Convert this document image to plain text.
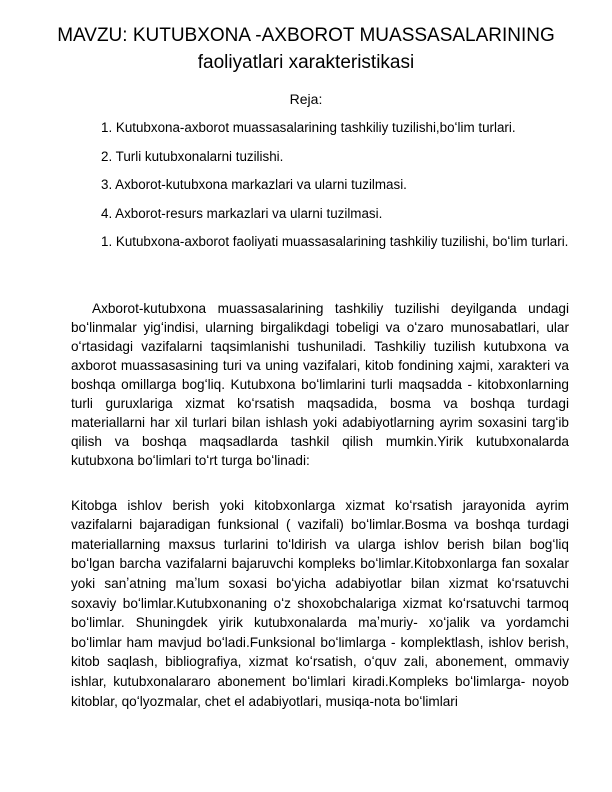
MAVZU: KUTUBXONA -AXBOROT MUASSASALARINING
faoliyatlari xarakteristikasi
Reja:
1. Kutubxona-axborot muassasalarining tashkiliy tuzilishi,boʻlim turlari.
2. Turli kutubxonalarni tuzilishi.
3. Axborot-kutubxona markazlari va ularni tuzilmasi.
4. Axborot-resurs markazlari va ularni tuzilmasi.
1. Kutubxona-axborot faoliyati muassasalarining tashkiliy tuzilishi, boʻlim turlari.

Axborot-kutubxona muassasalarining tashkiliy tuzilishi deyilganda undagi boʻlinmalar yigʻindisi, ularning birgalikdagi tobeligi va oʻzaro munosabatlari, ular oʻrtasidagi vazifalarni taqsimlanishi tushuniladi. Tashkiliy tuzilish kutubxona va axborot muassasasining turi va uning vazifalari, kitob fondining xajmi, xarakteri va boshqa omillarga bogʻliq. Kutubxona boʻlimlarini turli maqsadda - kitobxonlarning turli guruxlariga xizmat koʻrsatish maqsadida, bosma va boshqa turdagi materiallarni har xil turlari bilan ishlash yoki adabiyotlarning ayrim soxasini targʻib qilish va boshqa maqsadlarda tashkil qilish mumkin.Yirik kutubxonalarda kutubxona boʻlimlari toʻrt turga boʻlinadi:

Kitobga ishlov berish yoki kitobxonlarga xizmat koʻrsatish jarayonida ayrim vazifalarni bajaradigan funksional ( vazifali) boʻlimlar.Bosma va boshqa turdagi materiallarning maxsus turlarini toʻldirish va ularga ishlov berish bilan bogʻliq boʻlgan barcha vazifalarni bajaruvchi kompleks boʻlimlar.Kitobxonlarga fan soxalar yoki sanʼatning maʼlum soxasi boʻyicha adabiyotlar bilan xizmat koʻrsatuvchi soxaviy boʻlimlar.Kutubxonaning oʻz shoxobchalariga xizmat koʻrsatuvchi tarmoq boʻlimlar. Shuningdek yirik kutubxonalarda maʼmuriy- xoʻjalik va yordamchi boʻlimlar ham mavjud boʻladi.Funksional boʻlimlarga - komplektlash, ishlov berish, kitob saqlash, bibliografiya, xizmat koʻrsatish, oʻquv zali, abonement, ommaviy ishlar, kutubxonalararo abonement boʻlimlari kiradi.Kompleks boʻlimlarga- noyob kitoblar, qoʻlyozmalar, chet el adabiyotlari, musiqa-nota boʻlimlari
